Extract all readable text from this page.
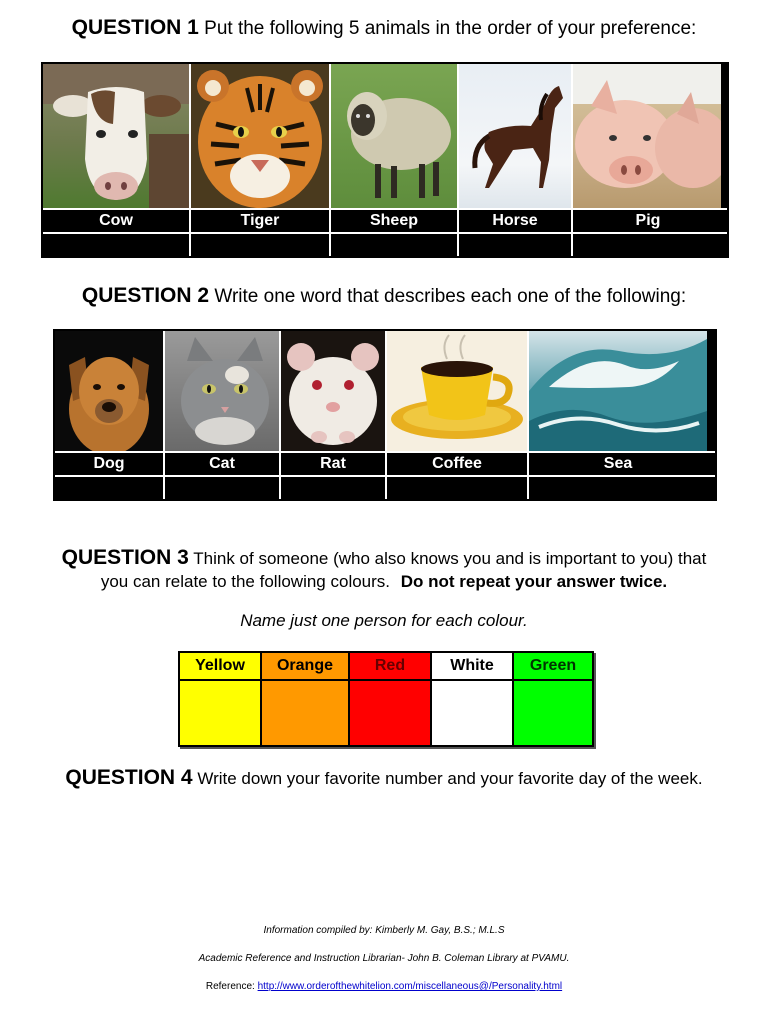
QUESTION 1 Put the following 5 animals in the order of your preference:
Cow	Tiger	Sheep	Horse	Pig
QUESTION 2 Write one word that describes each one of the following:
Dog	Cat	Rat	Coffee	Sea
QUESTION 3 Think of someone (who also knows you and is important to you) that
you can relate to the following colours. Do not repeat your answer twice.
Name just one person for each colour.
Yellow	Orange	Red	White	Green
QUESTION 4 Write down your favorite number and your favorite day of the week.
Information compiled by: Kimberly M. Gay, B.S.; M.L.S
Academic Reference and Instruction Librarian- John B. Coleman Library at PVAMU.
Reference: http://www.orderofthewhitelion.com/miscellaneous@/Personality.html
